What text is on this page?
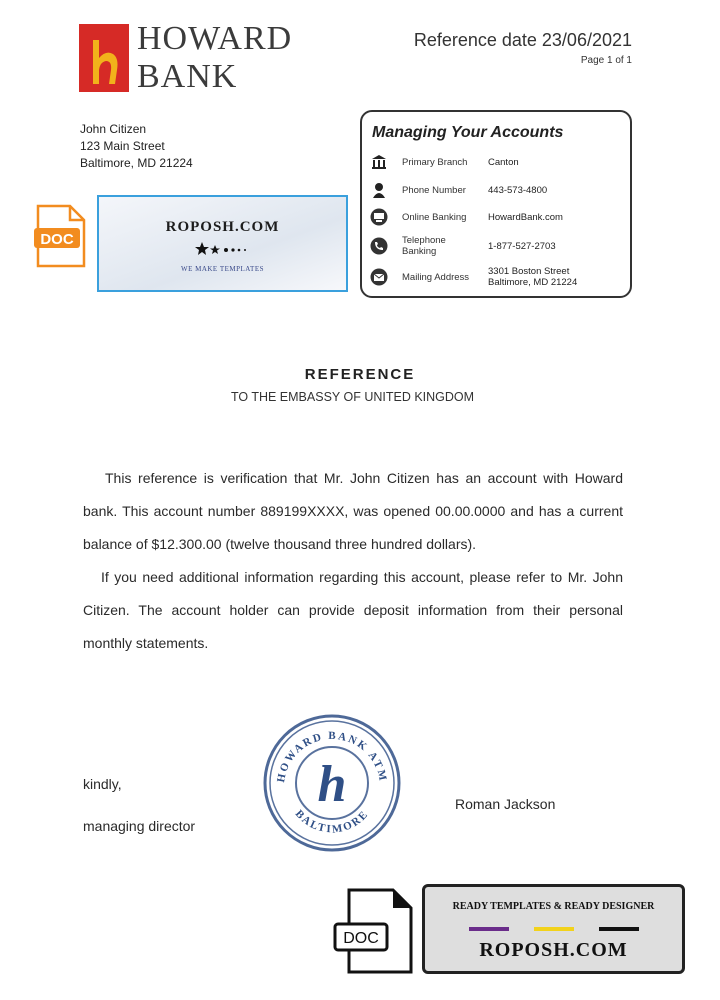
HOWARD
BANK
Reference date 23/06/2021
Page 1 of 1
John Citizen
123 Main Street
Baltimore, MD 21224
Managing Your Accounts
Primary Branch Canton
Phone Number 443-573-4800
Online Banking HowardBank.com
Telephone Banking	1-877-527-2703
Mailing Address 3301 Boston Street Baltimore, MD 21224
DOC
ROPOSH.COM
WE MAKE TEMPLATES
REFERENCE
TO THE EMBASSY OF UNITED KINGDOM
This reference is verification that Mr. John Citizen has an account with Howard bank. This account number 889199XXXX, was opened 00.00.0000 and has a current balance of $12.300.00 (twelve thousand three hundred dollars).
If you need additional information regarding this account, please refer to Mr. John Citizen. The account holder can provide deposit information from their personal monthly statements.
kindly,
managing director
Roman Jackson
HOWARD BANK ATM
BALTIMORE
h
DOC
READY TEMPLATES & READY DESIGNER
ROPOSH.COM
